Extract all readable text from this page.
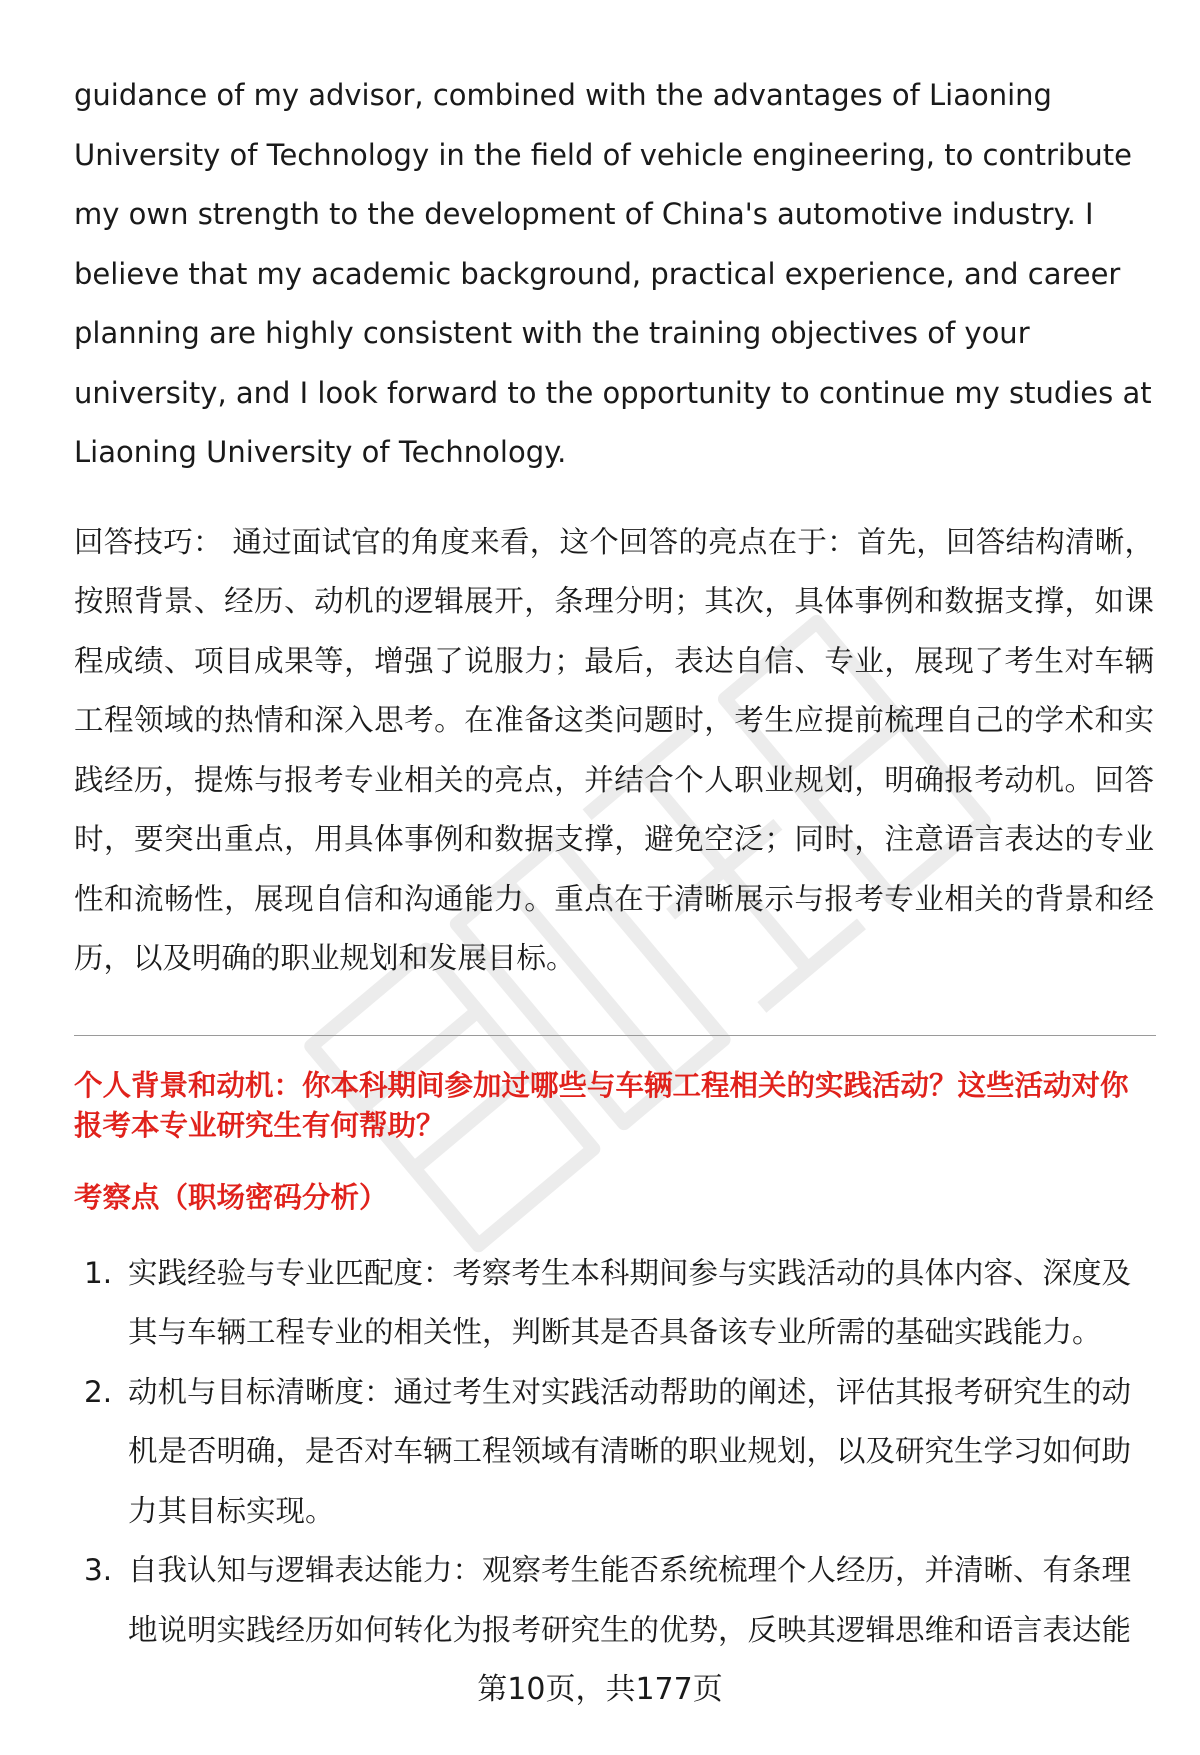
guidance of my advisor, combined with the advantages of Liaoning University of Technology in the field of vehicle engineering, to contribute my own strength to the development of China's automotive industry. I believe that my academic background, practical experience, and career planning are highly consistent with the training objectives of your university, and I look forward to the opportunity to continue my studies at Liaoning University of Technology.

回答技巧： 通过面试官的角度来看，这个回答的亮点在于：首先，回答结构清晰，按照背景、经历、动机的逻辑展开，条理分明；其次，具体事例和数据支撑，如课程成绩、项目成果等，增强了说服力；最后，表达自信、专业，展现了考生对车辆工程领域的热情和深入思考。在准备这类问题时，考生应提前梳理自己的学术和实践经历，提炼与报考专业相关的亮点，并结合个人职业规划，明确报考动机。回答时，要突出重点，用具体事例和数据支撑，避免空泛；同时，注意语言表达的专业性和流畅性，展现自信和沟通能力。重点在于清晰展示与报考专业相关的背景和经历，以及明确的职业规划和发展目标。

个人背景和动机：你本科期间参加过哪些与车辆工程相关的实践活动？这些活动对你报考本专业研究生有何帮助？
考察点（职场密码分析）
1. 实践经验与专业匹配度：考察考生本科期间参与实践活动的具体内容、深度及其与车辆工程专业的相关性，判断其是否具备该专业所需的基础实践能力。
2. 动机与目标清晰度：通过考生对实践活动帮助的阐述，评估其报考研究生的动机是否明确，是否对车辆工程领域有清晰的职业规划，以及研究生学习如何助力其目标实现。
3. 自我认知与逻辑表达能力：观察考生能否系统梳理个人经历，并清晰、有条理地说明实践经历如何转化为报考研究生的优势，反映其逻辑思维和语言表达能
第10页，共177页
